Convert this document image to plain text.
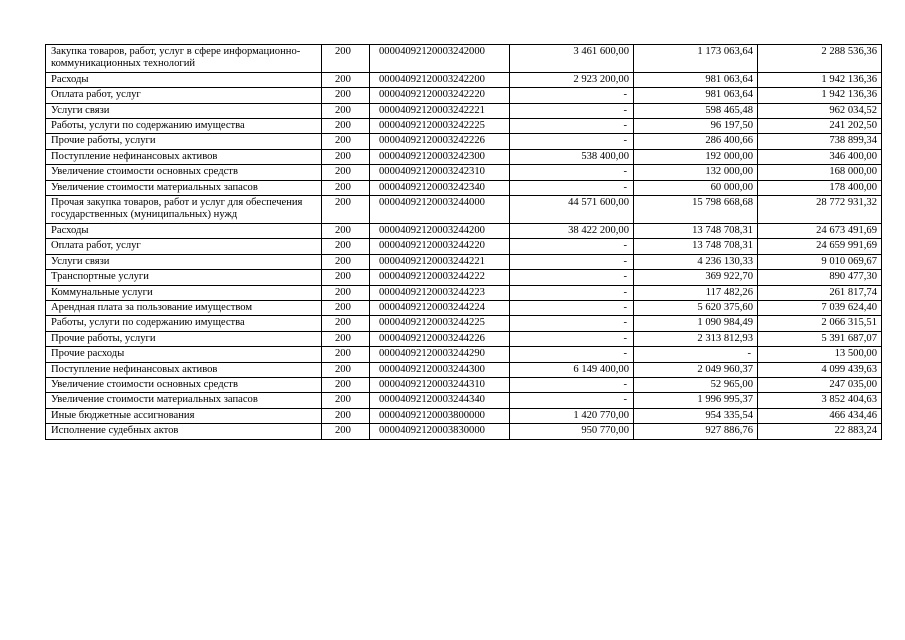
Закупка товаров, работ, услуг в сфере информационно-коммуникационных технологий	200	00004092120003242000	3 461 600,00	1 173 063,64	2 288 536,36
Расходы	200	00004092120003242200	2 923 200,00	981 063,64	1 942 136,36
Оплата работ, услуг	200	00004092120003242220	-	981 063,64	1 942 136,36
Услуги связи	200	00004092120003242221	-	598 465,48	962 034,52
Работы, услуги по содержанию имущества	200	00004092120003242225	-	96 197,50	241 202,50
Прочие работы, услуги	200	00004092120003242226	-	286 400,66	738 899,34
Поступление нефинансовых активов	200	00004092120003242300	538 400,00	192 000,00	346 400,00
Увеличение стоимости основных средств	200	00004092120003242310	-	132 000,00	168 000,00
Увеличение стоимости материальных запасов	200	00004092120003242340	-	60 000,00	178 400,00
Прочая закупка товаров, работ и услуг для обеспечения государственных (муниципальных) нужд	200	00004092120003244000	44 571 600,00	15 798 668,68	28 772 931,32
Расходы	200	00004092120003244200	38 422 200,00	13 748 708,31	24 673 491,69
Оплата работ, услуг	200	00004092120003244220	-	13 748 708,31	24 659 991,69
Услуги связи	200	00004092120003244221	-	4 236 130,33	9 010 069,67
Транспортные услуги	200	00004092120003244222	-	369 922,70	890 477,30
Коммунальные услуги	200	00004092120003244223	-	117 482,26	261 817,74
Арендная плата за пользование имуществом	200	00004092120003244224	-	5 620 375,60	7 039 624,40
Работы, услуги по содержанию имущества	200	00004092120003244225	-	1 090 984,49	2 066 315,51
Прочие работы, услуги	200	00004092120003244226	-	2 313 812,93	5 391 687,07
Прочие расходы	200	00004092120003244290	-	-	13 500,00
Поступление нефинансовых активов	200	00004092120003244300	6 149 400,00	2 049 960,37	4 099 439,63
Увеличение стоимости основных средств	200	00004092120003244310	-	52 965,00	247 035,00
Увеличение стоимости материальных запасов	200	00004092120003244340	-	1 996 995,37	3 852 404,63
Иные бюджетные ассигнования	200	00004092120003800000	1 420 770,00	954 335,54	466 434,46
Исполнение судебных актов	200	00004092120003830000	950 770,00	927 886,76	22 883,24
